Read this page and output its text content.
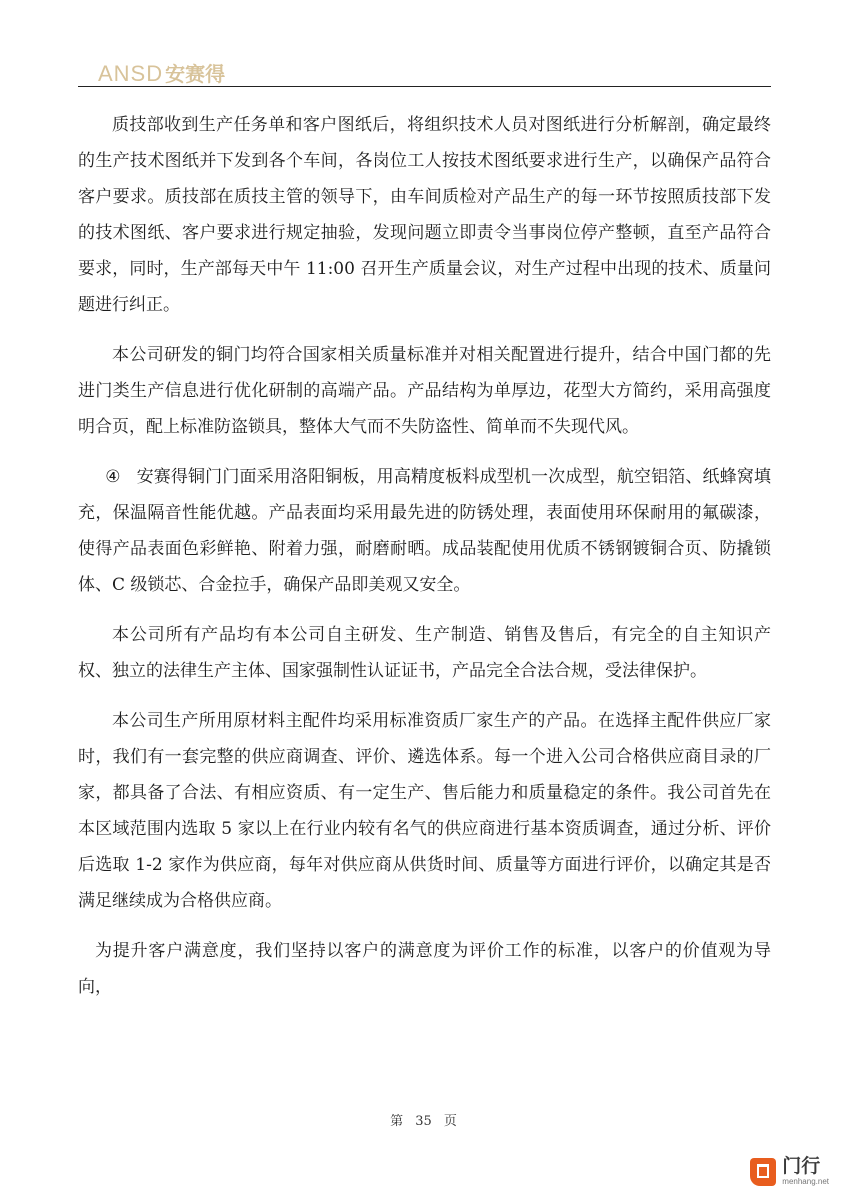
ANSD 安赛得

质技部收到生产任务单和客户图纸后，将组织技术人员对图纸进行分析解剖，确定最终的生产技术图纸并下发到各个车间，各岗位工人按技术图纸要求进行生产，以确保产品符合客户要求。质技部在质技主管的领导下，由车间质检对产品生产的每一环节按照质技部下发的技术图纸、客户要求进行规定抽验，发现问题立即责令当事岗位停产整顿，直至产品符合要求，同时，生产部每天中午 11:00 召开生产质量会议，对生产过程中出现的技术、质量问题进行纠正。

本公司研发的铜门均符合国家相关质量标准并对相关配置进行提升，结合中国门都的先进门类生产信息进行优化研制的高端产品。产品结构为单厚边，花型大方简约，采用高强度明合页，配上标准防盗锁具，整体大气而不失防盗性、简单而不失现代风。

④ 安赛得铜门门面采用洛阳铜板，用高精度板料成型机一次成型，航空铝箔、纸蜂窝填充，保温隔音性能优越。产品表面均采用最先进的防锈处理，表面使用环保耐用的氟碳漆，使得产品表面色彩鲜艳、附着力强，耐磨耐晒。成品装配使用优质不锈钢镀铜合页、防撬锁体、C 级锁芯、合金拉手，确保产品即美观又安全。

本公司所有产品均有本公司自主研发、生产制造、销售及售后，有完全的自主知识产权、独立的法律生产主体、国家强制性认证证书，产品完全合法合规，受法律保护。

本公司生产所用原材料主配件均采用标准资质厂家生产的产品。在选择主配件供应厂家时，我们有一套完整的供应商调查、评价、遴选体系。每一个进入公司合格供应商目录的厂家，都具备了合法、有相应资质、有一定生产、售后能力和质量稳定的条件。我公司首先在本区域范围内选取 5 家以上在行业内较有名气的供应商进行基本资质调查，通过分析、评价后选取 1-2 家作为供应商，每年对供应商从供货时间、质量等方面进行评价，以确定其是否满足继续成为合格供应商。

为提升客户满意度，我们坚持以客户的满意度为评价工作的标准，以客户的价值观为导向，

第 35 页
门行
menhang.net
